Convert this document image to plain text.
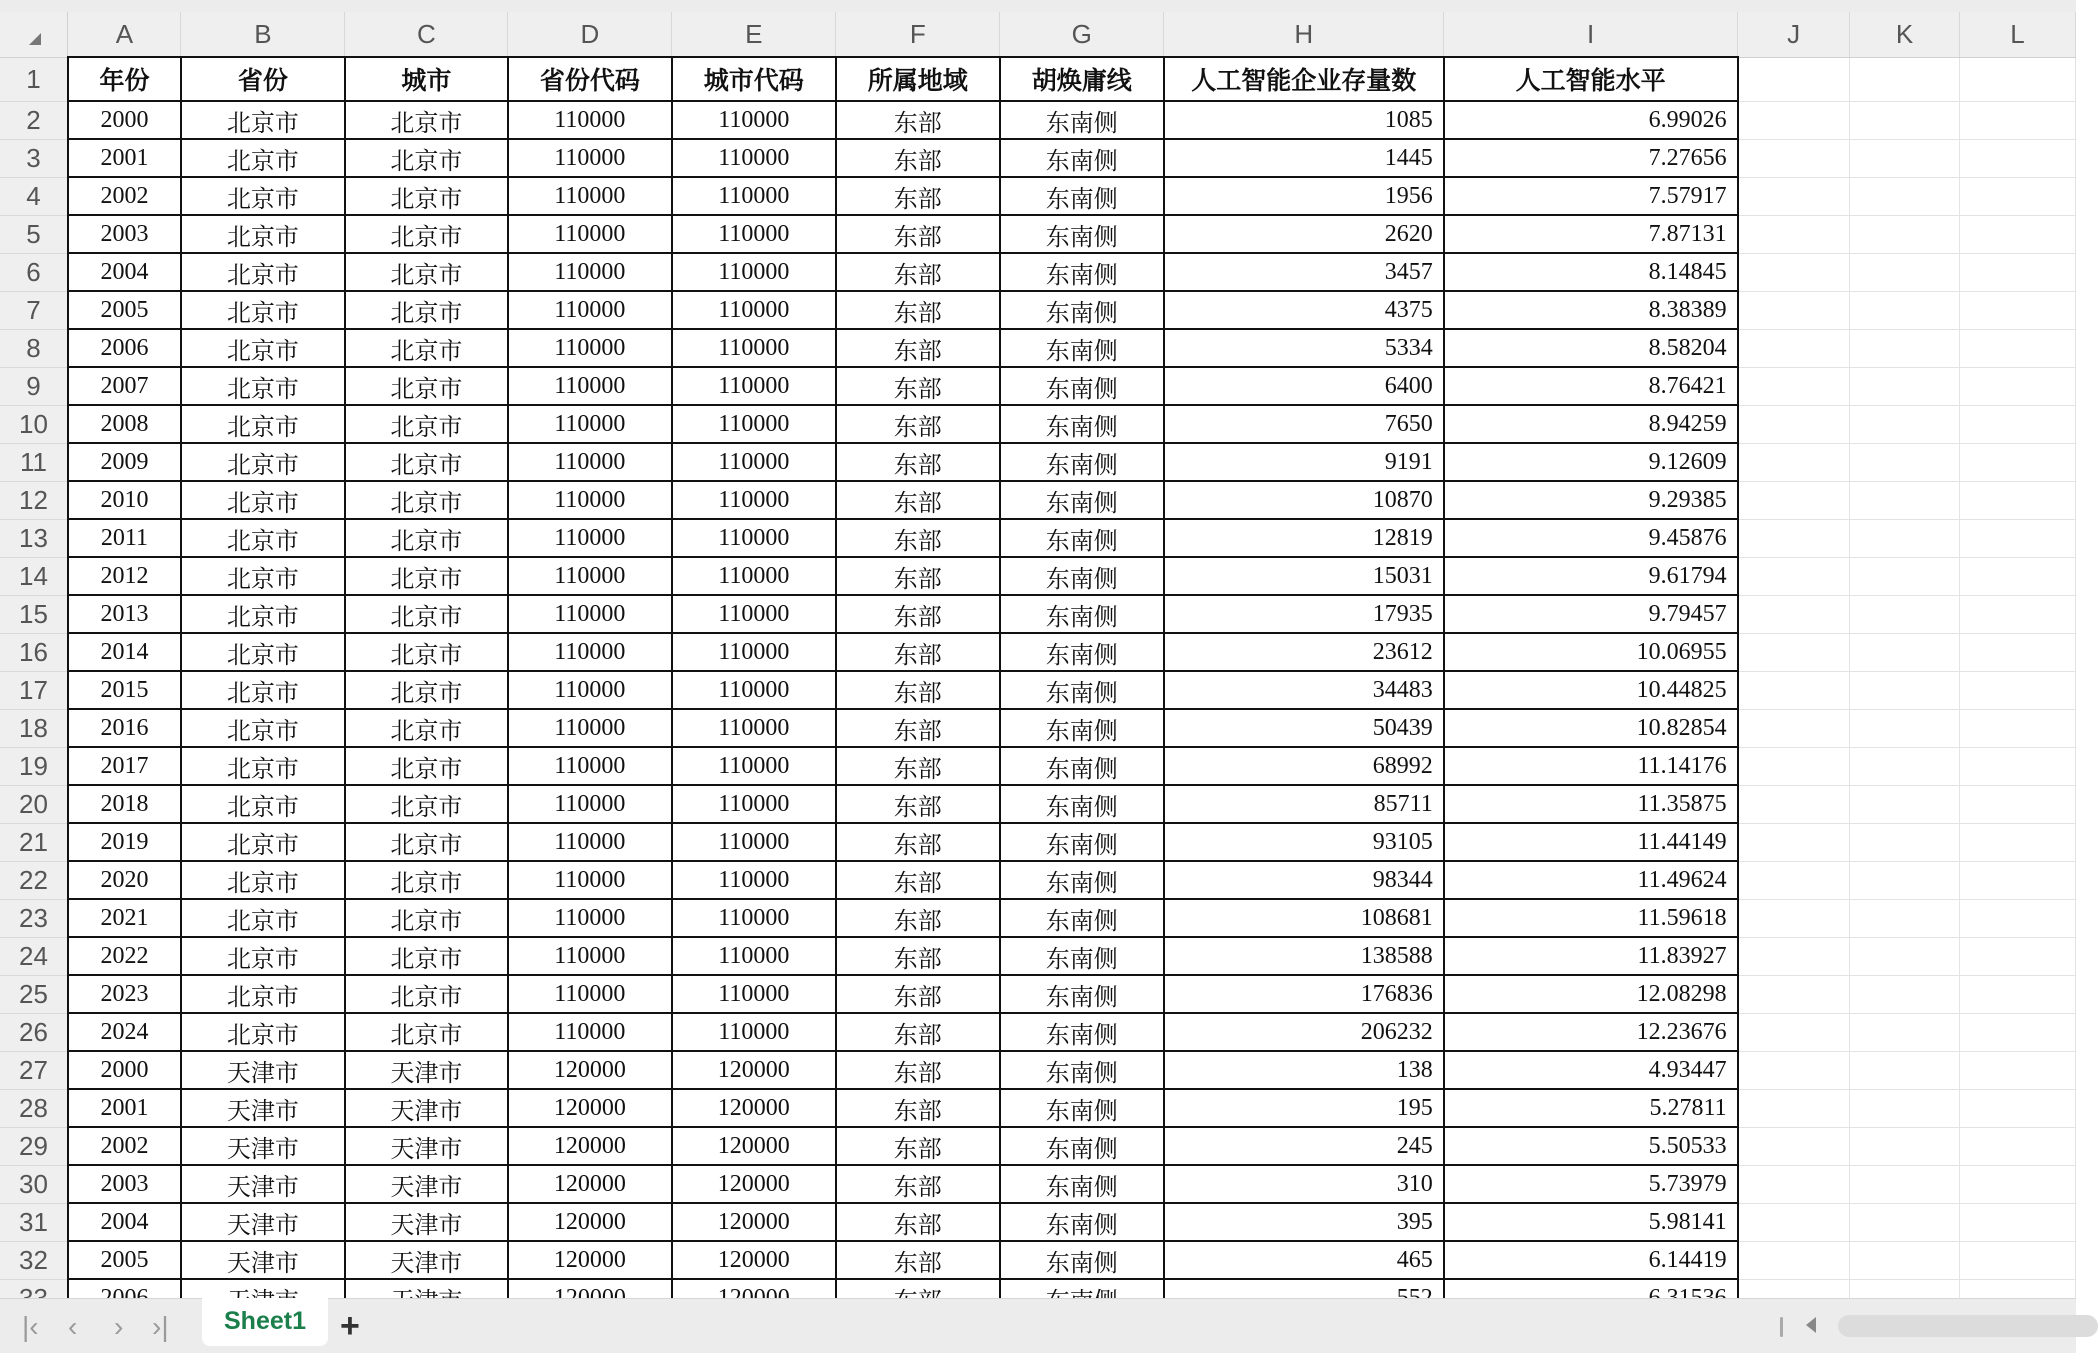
	A	B	C	D	E	F	G	H	I	J	K	L
1	年份	省份	城市	省份代码	城市代码	所属地域	胡焕庸线	人工智能企业存量数	人工智能水平			
2	2000	北京市	北京市	110000	110000	东部	东南侧	1085	6.99026			
3	2001	北京市	北京市	110000	110000	东部	东南侧	1445	7.27656			
4	2002	北京市	北京市	110000	110000	东部	东南侧	1956	7.57917			
5	2003	北京市	北京市	110000	110000	东部	东南侧	2620	7.87131			
6	2004	北京市	北京市	110000	110000	东部	东南侧	3457	8.14845			
7	2005	北京市	北京市	110000	110000	东部	东南侧	4375	8.38389			
8	2006	北京市	北京市	110000	110000	东部	东南侧	5334	8.58204			
9	2007	北京市	北京市	110000	110000	东部	东南侧	6400	8.76421			
10	2008	北京市	北京市	110000	110000	东部	东南侧	7650	8.94259			
11	2009	北京市	北京市	110000	110000	东部	东南侧	9191	9.12609			
12	2010	北京市	北京市	110000	110000	东部	东南侧	10870	9.29385			
13	2011	北京市	北京市	110000	110000	东部	东南侧	12819	9.45876			
14	2012	北京市	北京市	110000	110000	东部	东南侧	15031	9.61794			
15	2013	北京市	北京市	110000	110000	东部	东南侧	17935	9.79457			
16	2014	北京市	北京市	110000	110000	东部	东南侧	23612	10.06955			
17	2015	北京市	北京市	110000	110000	东部	东南侧	34483	10.44825			
18	2016	北京市	北京市	110000	110000	东部	东南侧	50439	10.82854			
19	2017	北京市	北京市	110000	110000	东部	东南侧	68992	11.14176			
20	2018	北京市	北京市	110000	110000	东部	东南侧	85711	11.35875			
21	2019	北京市	北京市	110000	110000	东部	东南侧	93105	11.44149			
22	2020	北京市	北京市	110000	110000	东部	东南侧	98344	11.49624			
23	2021	北京市	北京市	110000	110000	东部	东南侧	108681	11.59618			
24	2022	北京市	北京市	110000	110000	东部	东南侧	138588	11.83927			
25	2023	北京市	北京市	110000	110000	东部	东南侧	176836	12.08298			
26	2024	北京市	北京市	110000	110000	东部	东南侧	206232	12.23676			
27	2000	天津市	天津市	120000	120000	东部	东南侧	138	4.93447			
28	2001	天津市	天津市	120000	120000	东部	东南侧	195	5.27811			
29	2002	天津市	天津市	120000	120000	东部	东南侧	245	5.50533			
30	2003	天津市	天津市	120000	120000	东部	东南侧	310	5.73979			
31	2004	天津市	天津市	120000	120000	东部	东南侧	395	5.98141			
32	2005	天津市	天津市	120000	120000	东部	东南侧	465	6.14419			

|‹ ‹ › ›|	Sheet1	+
